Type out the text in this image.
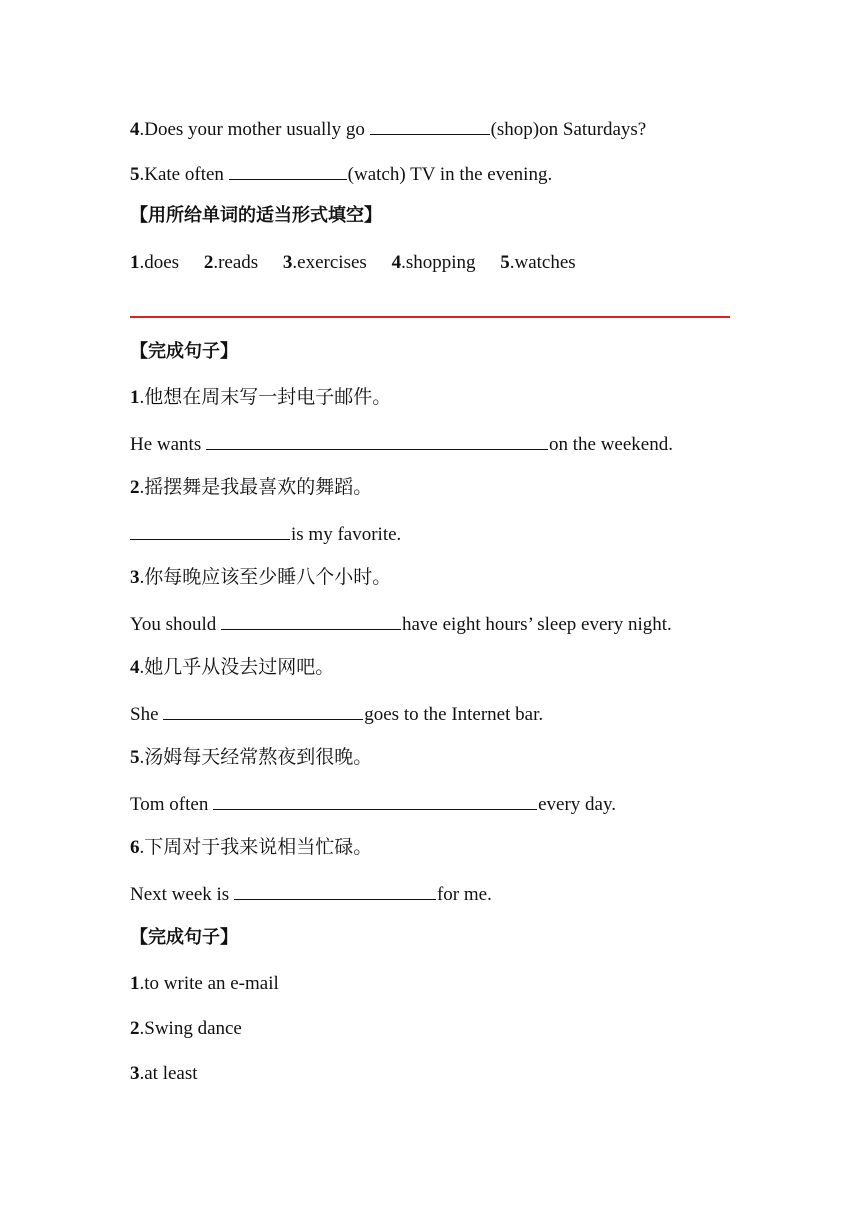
4.Does your mother usually go	(shop)on Saturdays?
5.Kate often	(watch) TV in the evening.
【用所给单词的适当形式填空】
1.does 2.reads 3.exercises 4.shopping 5.watches
【完成句子】
1.他想在周末写一封电子邮件。
He wants	on the weekend.
2.摇摆舞是我最喜欢的舞蹈。
is my favorite.
3.你每晚应该至少睡八个小时。
You should	have eight hours’ sleep every night.
4.她几乎从没去过网吧。
She	goes to the Internet bar.
5.汤姆每天经常熬夜到很晚。
Tom often	every day.
6.下周对于我来说相当忙碌。
Next week is	for me.
【完成句子】
1.to write an e-mail
2.Swing dance
3.at least
